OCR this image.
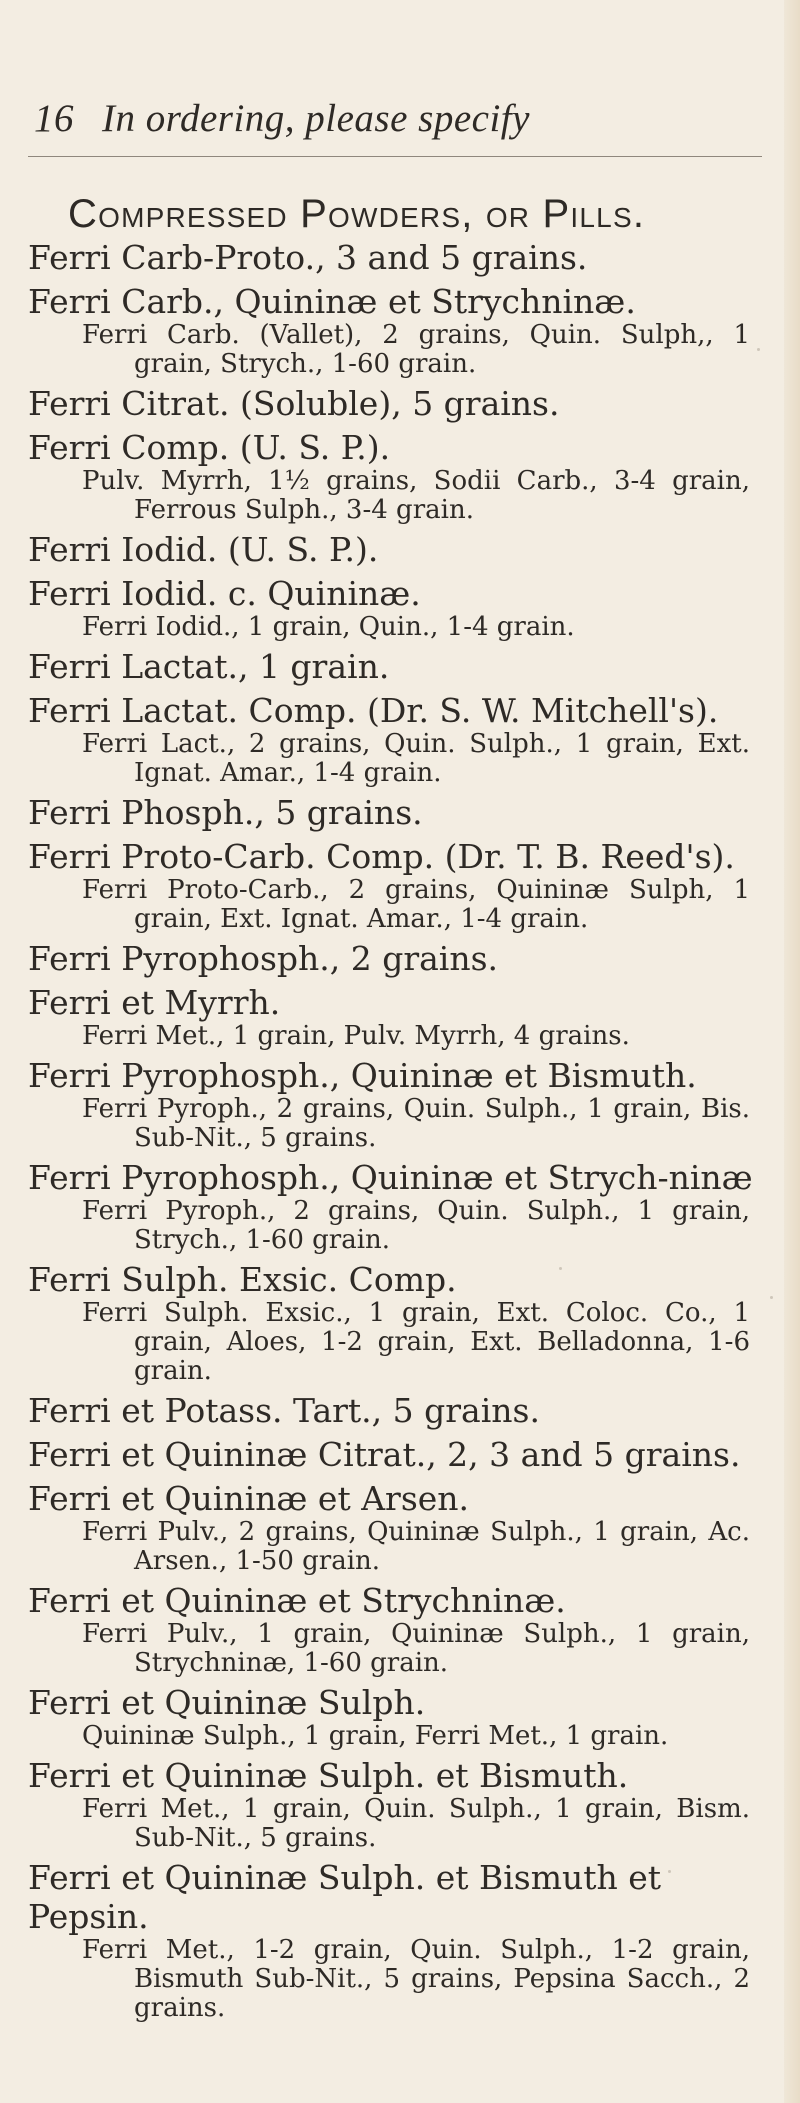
16 In ordering, please specify
Compressed Powders, or Pills.

Ferri Carb-Proto., 3 and 5 grains.

Ferri Carb., Quininæ et Strychninæ.

Ferri Carb. (Vallet), 2 grains, Quin. Sulph,, 1 grain, Strych., 1-60 grain.

Ferri Citrat. (Soluble), 5 grains.

Ferri Comp. (U. S. P.).

Pulv. Myrrh, 1½ grains, Sodii Carb., 3-4 grain, Ferrous Sulph., 3-4 grain.

Ferri Iodid. (U. S. P.).

Ferri Iodid. c. Quininæ.

Ferri Iodid., 1 grain, Quin., 1-4 grain.

Ferri Lactat., 1 grain.

Ferri Lactat. Comp. (Dr. S. W. Mitchell's).

Ferri Lact., 2 grains, Quin. Sulph., 1 grain, Ext. Ignat. Amar., 1-4 grain.

Ferri Phosph., 5 grains.

Ferri Proto-Carb. Comp. (Dr. T. B. Reed's).

Ferri Proto-Carb., 2 grains, Quininæ Sulph, 1 grain, Ext. Ignat. Amar., 1-4 grain.

Ferri Pyrophosph., 2 grains.

Ferri et Myrrh.

Ferri Met., 1 grain, Pulv. Myrrh, 4 grains.

Ferri Pyrophosph., Quininæ et Bismuth.

Ferri Pyroph., 2 grains, Quin. Sulph., 1 grain, Bis. Sub-Nit., 5 grains.

Ferri Pyrophosph., Quininæ et Strych-ninæ

Ferri Pyroph., 2 grains, Quin. Sulph., 1 grain, Strych., 1-60 grain.

Ferri Sulph. Exsic. Comp.

Ferri Sulph. Exsic., 1 grain, Ext. Coloc. Co., 1 grain, Aloes, 1-2 grain, Ext. Belladonna, 1-6 grain.

Ferri et Potass. Tart., 5 grains.

Ferri et Quininæ Citrat., 2, 3 and 5 grains.

Ferri et Quininæ et Arsen.

Ferri Pulv., 2 grains, Quininæ Sulph., 1 grain, Ac. Arsen., 1-50 grain.

Ferri et Quininæ et Strychninæ.

Ferri Pulv., 1 grain, Quininæ Sulph., 1 grain, Strychninæ, 1-60 grain.

Ferri et Quininæ Sulph.

Quininæ Sulph., 1 grain, Ferri Met., 1 grain.

Ferri et Quininæ Sulph. et Bismuth.

Ferri Met., 1 grain, Quin. Sulph., 1 grain, Bism. Sub-Nit., 5 grains.

Ferri et Quininæ Sulph. et Bismuth et Pepsin.

Ferri Met., 1-2 grain, Quin. Sulph., 1-2 grain, Bismuth Sub-Nit., 5 grains, Pepsina Sacch., 2 grains.
